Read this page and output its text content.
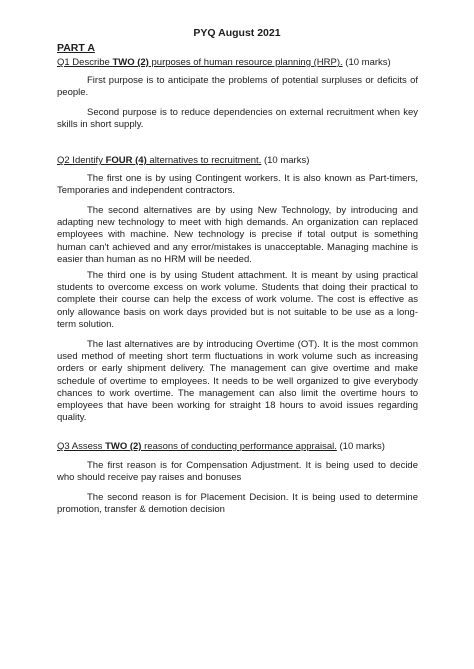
PYQ August 2021
PART A
Q1 Describe TWO (2) purposes of human resource planning (HRP). (10 marks)
First purpose is to anticipate the problems of potential surpluses or deficits of people.
Second purpose is to reduce dependencies on external recruitment when key skills in short supply.
Q2 Identify FOUR (4) alternatives to recruitment. (10 marks)
The first one is by using Contingent workers. It is also known as Part-timers, Temporaries and independent contractors.
The second alternatives are by using New Technology, by introducing and adapting new technology to meet with high demands. An organization can replaced employees with machine. New technology is precise if total output is something human can't achieved and any error/mistakes is unacceptable. Managing machine is easier than human as no HRM will be needed.
The third one is by using Student attachment. It is meant by using practical students to overcome excess on work volume. Students that doing their practical to complete their course can help the excess of work volume. The cost is effective as only allowance basis on work days provided but is not suitable to be use as a long-term solution.
The last alternatives are by introducing Overtime (OT). It is the most common used method of meeting short term fluctuations in work volume such as increasing orders or early shipment delivery. The management can give overtime and make schedule of overtime to employees. It needs to be well organized to give everybody chances to work overtime. The management can also limit the overtime hours to employees that have been working for straight 18 hours to avoid issues regarding quality.
Q3 Assess TWO (2) reasons of conducting performance appraisal. (10 marks)
The first reason is for Compensation Adjustment. It is being used to decide who should receive pay raises and bonuses
The second reason is for Placement Decision. It is being used to determine promotion, transfer & demotion decision
